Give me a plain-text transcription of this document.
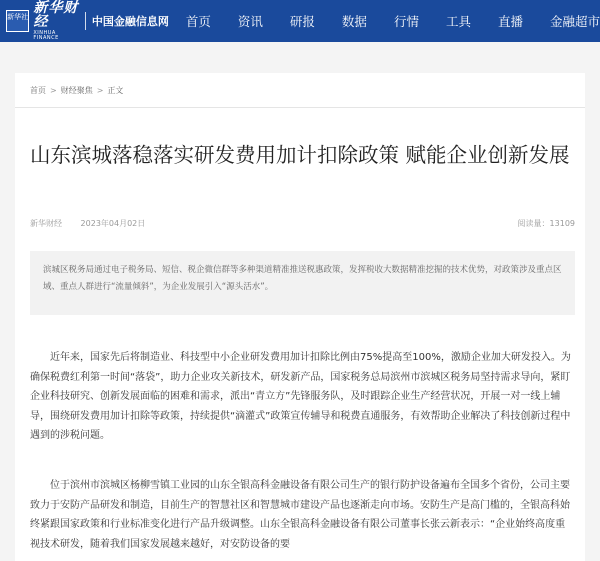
新华社
新华财经
XINHUA FINANCE
中国金融信息网 首页 资讯 研报 数据 行情 工具 直播 金融超市
首页 > 财经聚焦 > 正文
山东滨城落稳落实研发费用加计扣除政策 赋能企业创新发展
新华财经 2023年04月02日	阅读量：13109
滨城区税务局通过电子税务局、短信、税企微信群等多种渠道精准推送税惠政策，发挥税收大数据精准挖掘的技术优势，对政策涉及重点区域、重点人群进行“流量倾斜”，为企业发展引入“源头活水”。

近年来，国家先后将制造业、科技型中小企业研发费用加计扣除比例由75%提高至100%，激励企业加大研发投入。为确保税费红利第一时间“落袋”，助力企业攻关新技术，研发新产品，国家税务总局滨州市滨城区税务局坚持需求导向，紧盯企业科技研究、创新发展面临的困难和需求，派出“青立方”先锋服务队，及时跟踪企业生产经营状况，开展一对一线上辅导，围绕研发费用加计扣除等政策，持续提供“滴灌式”政策宣传辅导和税费直通服务，有效帮助企业解决了科技创新过程中遇到的涉税问题。

位于滨州市滨城区杨柳雪镇工业园的山东全银高科金融设备有限公司生产的银行防护设备遍布全国多个省份，公司主要致力于安防产品研发和制造，目前生产的智慧社区和智慧城市建设产品也逐渐走向市场。安防生产是高门槛的，全银高科始终紧跟国家政策和行业标准变化进行产品升级调整。山东全银高科金融设备有限公司董事长张云新表示：“企业始终高度重视技术研发，随着我们国家发展越来越好，对安防设备的要
